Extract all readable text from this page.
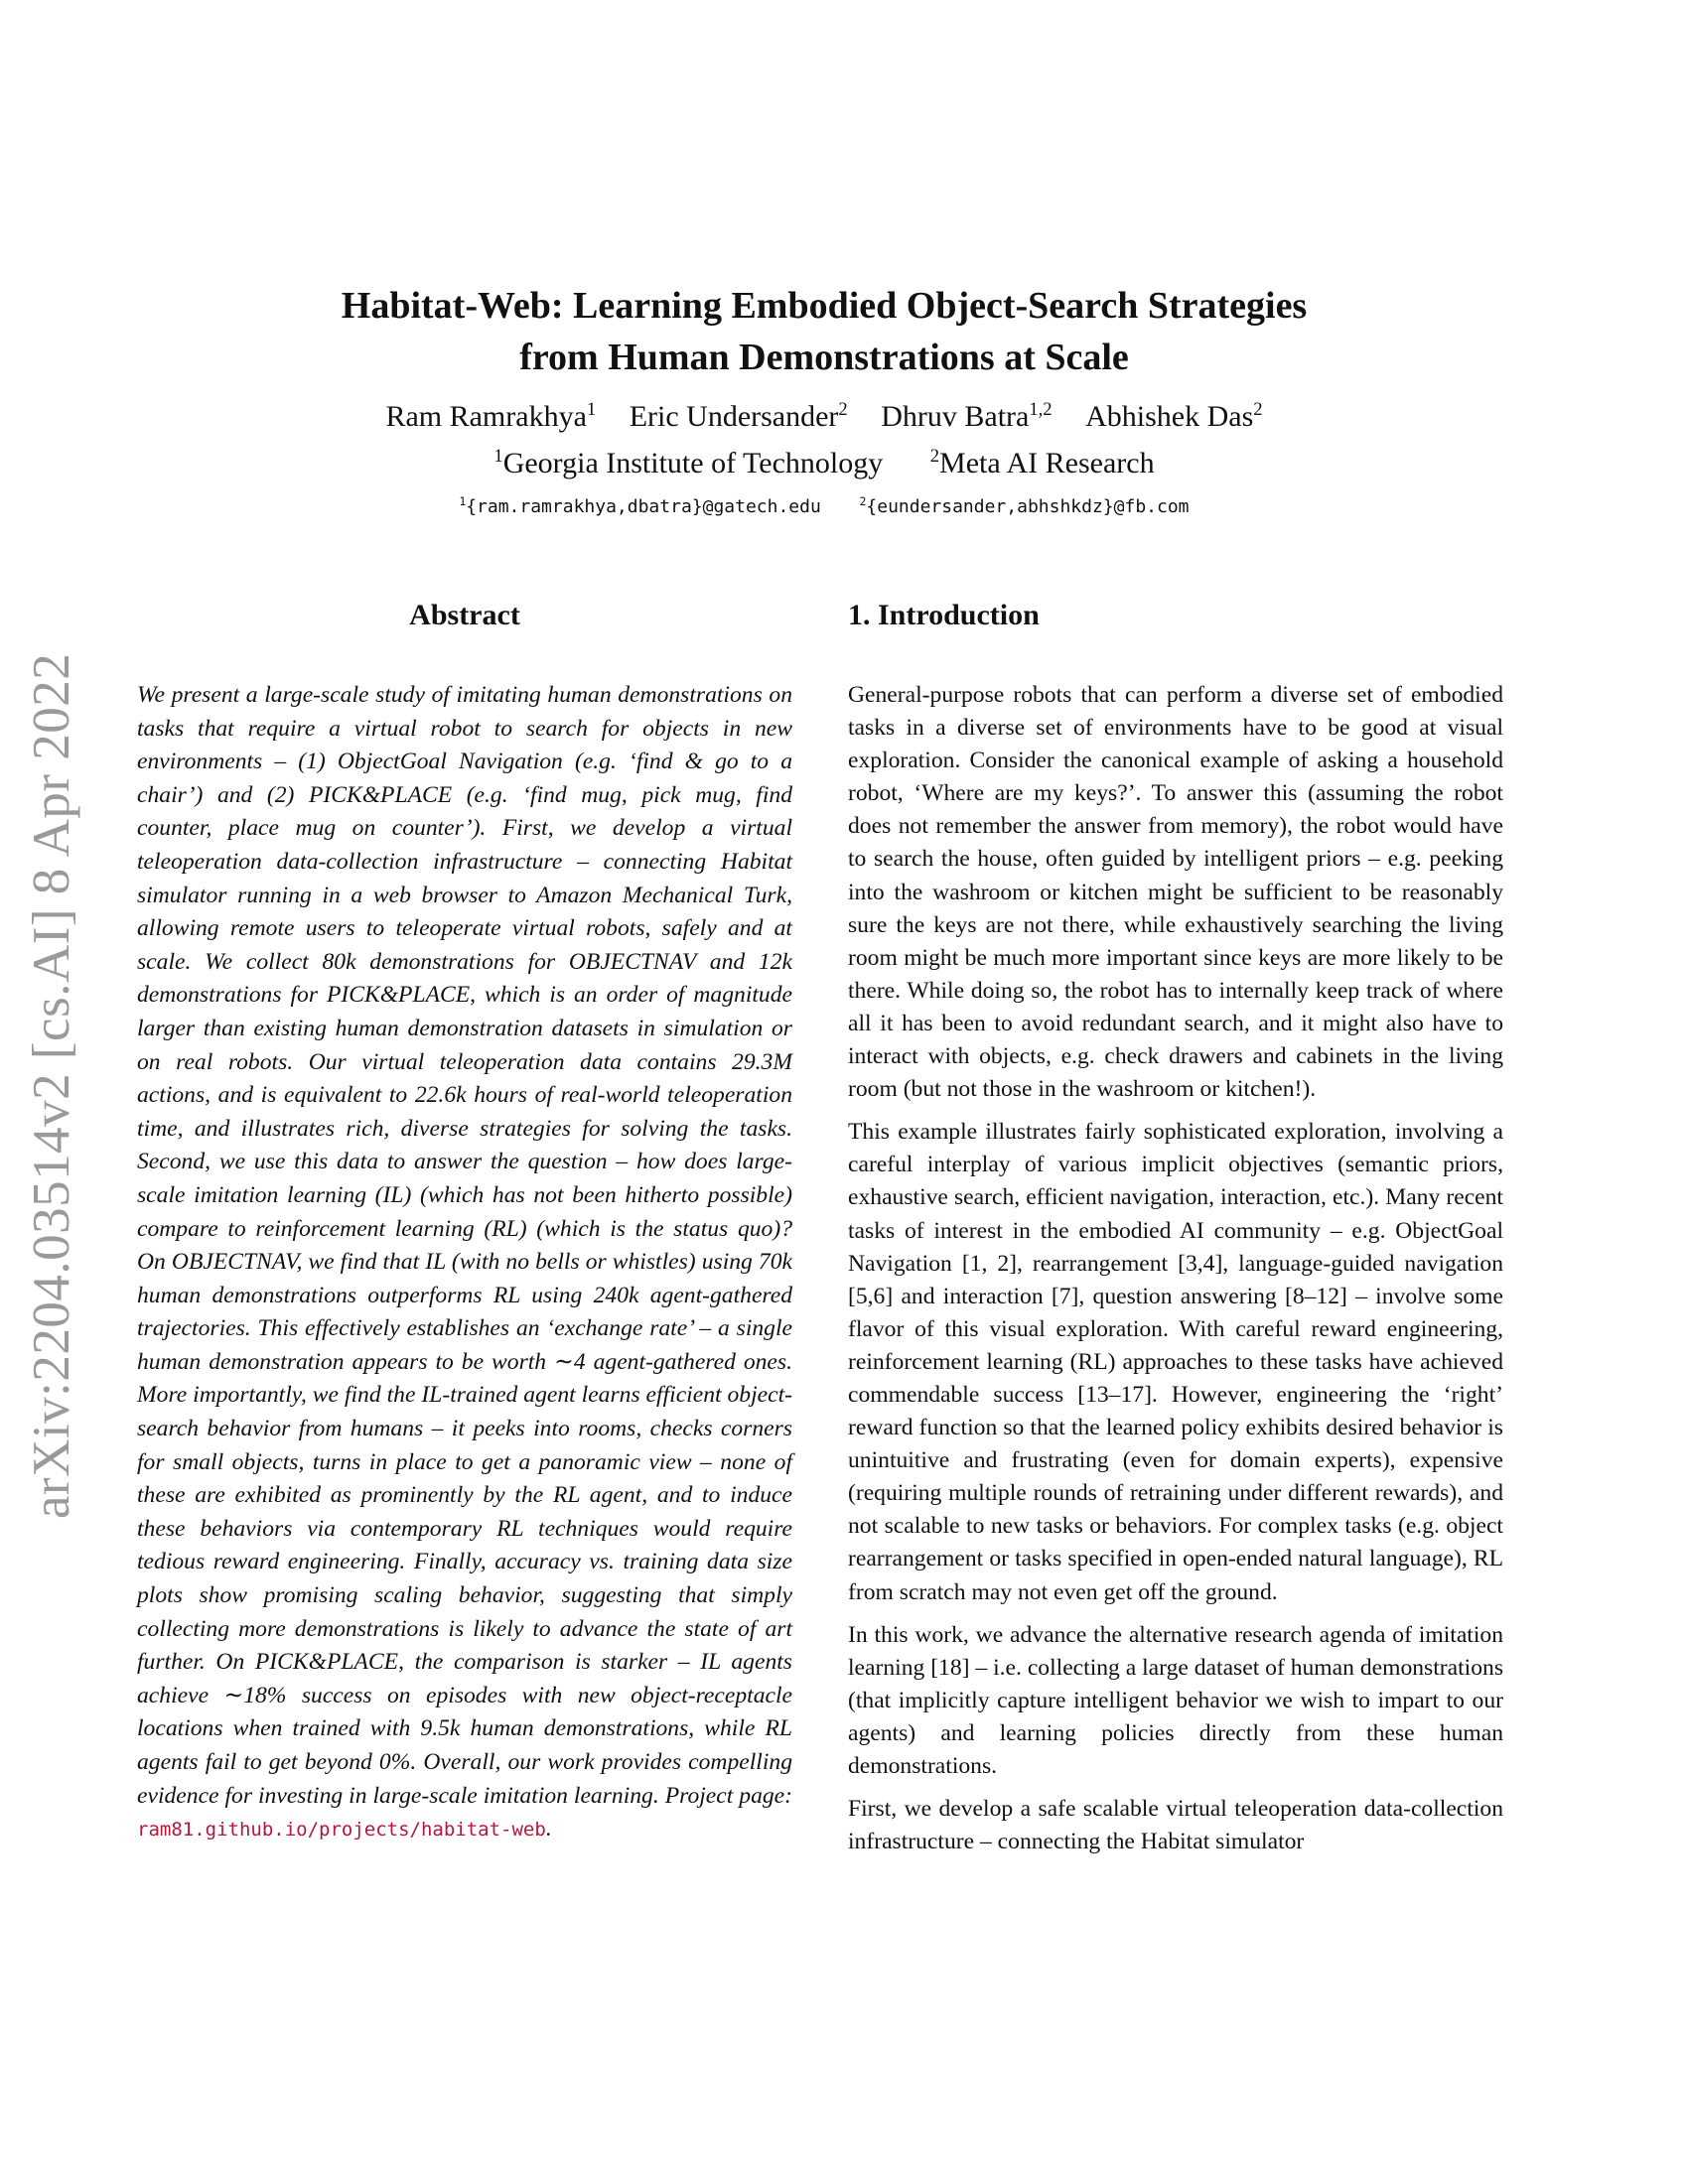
arXiv:2204.03514v2 [cs.AI] 8 Apr 2022
Habitat-Web: Learning Embodied Object-Search Strategies
from Human Demonstrations at Scale
Ram Ramrakhya$^1$ Eric Undersander$^2$ Dhruv Batra$^{1,2}$ Abhishek Das$^2$
$^1$Georgia Institute of Technology	$^2$Meta AI Research
$^1${ram.ramrakhya,dbatra}@gatech.edu	$^2${eundersander,abhshkdz}@fb.com
Abstract
We present a large-scale study of imitating human demonstrations on tasks that require a virtual robot to search for objects in new environments – (1) ObjectGoal Navigation (e.g. ‘find & go to a chair’) and (2) PICK&PLACE (e.g. ‘find mug, pick mug, find counter, place mug on counter’). First, we develop a virtual teleoperation data-collection infrastructure – connecting Habitat simulator running in a web browser to Amazon Mechanical Turk, allowing remote users to teleoperate virtual robots, safely and at scale. We collect 80k demonstrations for OBJECTNAV and 12k demonstrations for PICK&PLACE, which is an order of magnitude larger than existing human demonstration datasets in simulation or on real robots. Our virtual teleoperation data contains 29.3M actions, and is equivalent to 22.6k hours of real-world teleoperation time, and illustrates rich, diverse strategies for solving the tasks. Second, we use this data to answer the question – how does large-scale imitation learning (IL) (which has not been hitherto possible) compare to reinforcement learning (RL) (which is the status quo)? On OBJECTNAV, we find that IL (with no bells or whistles) using 70k human demonstrations outperforms RL using 240k agent-gathered trajectories. This effectively establishes an ‘exchange rate’ – a single human demonstration appears to be worth ∼4 agent-gathered ones. More importantly, we find the IL-trained agent learns efficient object-search behavior from humans – it peeks into rooms, checks corners for small objects, turns in place to get a panoramic view – none of these are exhibited as prominently by the RL agent, and to induce these behaviors via contemporary RL techniques would require tedious reward engineering. Finally, accuracy vs. training data size plots show promising scaling behavior, suggesting that simply collecting more demonstrations is likely to advance the state of art further. On PICK&PLACE, the comparison is starker – IL agents achieve ∼18% success on episodes with new object-receptacle locations when trained with 9.5k human demonstrations, while RL agents fail to get beyond 0%. Overall, our work provides compelling evidence for investing in large-scale imitation learning. Project page: ram81.github.io/projects/habitat-web.
1. Introduction

General-purpose robots that can perform a diverse set of embodied tasks in a diverse set of environments have to be good at visual exploration. Consider the canonical example of asking a household robot, ‘Where are my keys?’. To answer this (assuming the robot does not remember the answer from memory), the robot would have to search the house, often guided by intelligent priors – e.g. peeking into the washroom or kitchen might be sufficient to be reasonably sure the keys are not there, while exhaustively searching the living room might be much more important since keys are more likely to be there. While doing so, the robot has to internally keep track of where all it has been to avoid redundant search, and it might also have to interact with objects, e.g. check drawers and cabinets in the living room (but not those in the washroom or kitchen!).

This example illustrates fairly sophisticated exploration, involving a careful interplay of various implicit objectives (semantic priors, exhaustive search, efficient navigation, interaction, etc.). Many recent tasks of interest in the embodied AI community – e.g. ObjectGoal Navigation [1, 2], rearrangement [3,4], language-guided navigation [5,6] and interaction [7], question answering [8–12] – involve some flavor of this visual exploration. With careful reward engineering, reinforcement learning (RL) approaches to these tasks have achieved commendable success [13–17]. However, engineering the ‘right’ reward function so that the learned policy exhibits desired behavior is unintuitive and frustrating (even for domain experts), expensive (requiring multiple rounds of retraining under different rewards), and not scalable to new tasks or behaviors. For complex tasks (e.g. object rearrangement or tasks specified in open-ended natural language), RL from scratch may not even get off the ground.

In this work, we advance the alternative research agenda of imitation learning [18] – i.e. collecting a large dataset of human demonstrations (that implicitly capture intelligent behavior we wish to impart to our agents) and learning policies directly from these human demonstrations.

First, we develop a safe scalable virtual teleoperation data-collection infrastructure – connecting the Habitat simulator
